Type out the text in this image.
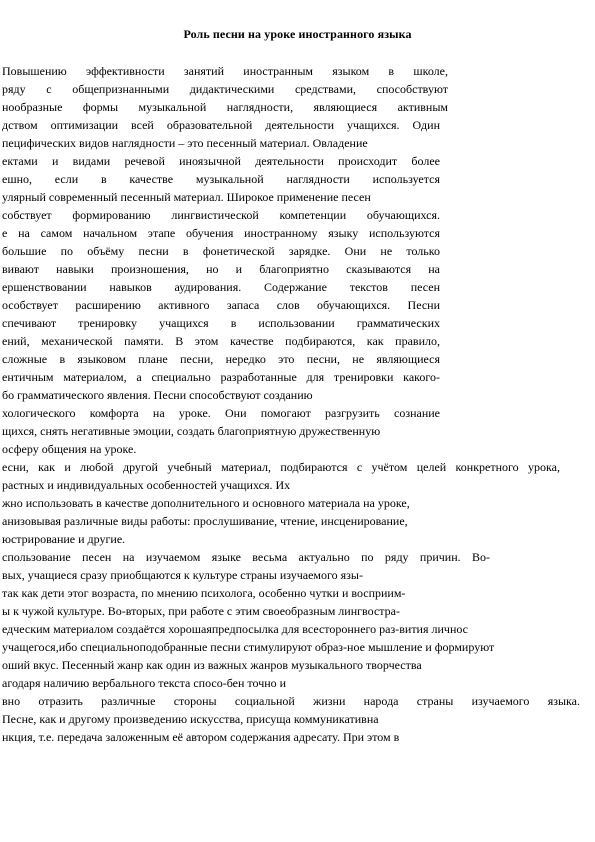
Роль песни на уроке иностранного языка
Повышению эффективности занятий иностранным языком в школе,
ряду с общепризнанными дидактическими средствами, способствуют
нообразные формы музыкальной наглядности, являющиеся активным
дством оптимизации всей образовательной деятельности учащихся. Один
пецифических видов наглядности – это песенный материал. Овладение
ектами и видами речевой иноязычной деятельности происходит более
ешно, если в качестве музыкальной наглядности используется
улярный современный песенный материал. Широкое применение песен
собствует формированию лингвистической компетенции обучающихся.
е на самом начальном этапе обучения иностранному языку используются
большие по объёму песни в фонетической зарядке. Они не только
вивают навыки произношения, но и благоприятно сказываются на
ершенствовании навыков аудирования. Содержание текстов песен
особствует расширению активного запаса слов обучающихся. Песни
спечивают тренировку учащихся в использовании грамматических
ений, механической памяти. В этом качестве подбираются, как правило,
сложные в языковом плане песни, нередко это песни, не являющиеся
ентичным материалом, а специально разработанные для тренировки какого-
бо грамматического явления. Песни способствуют созданию
хологического комфорта на уроке. Они помогают разгрузить сознание
щихся, снять негативные эмоции, создать благоприятную дружественную
осферу общения на уроке.
есни, как и любой другой учебный материал, подбираются с учётом целей конкретного урока,
растных и индивидуальных особенностей учащихся. Их
жно использовать в качестве дополнительного и основного материала на уроке,
анизовывая различные виды работы: прослушивание, чтение, инсценирование,
юстрирование и другие.
спользование песен на изучаемом языке весьма актуально по ряду причин. Во-
вых, учащиеся сразу приобщаются к культуре страны изучаемого язы-
так как дети этог возраста, по мнению психолога, особенно чутки и восприим-
ы к чужой культуре. Во-вторых, при работе с этим своеобразным лингвостра-
едческим материалом создаётся хорошаяпредпосылка для всестороннего раз-вития личнос
учащегося,ибо специальноподобранные песни стимулируют образ-ное мышление и формируют
оший вкус. Песенный жанр как один из важных жанров музыкального творчества
агодаря наличию вербального текста спосо-бен точно и
вно отразить различные стороны социальной жизни народа страны изучаемого языка.
Песне, как и другому произведению искусства, присуща коммуникативна
нкция, т.е. передача заложенным её автором содержания адресату. При этом в
